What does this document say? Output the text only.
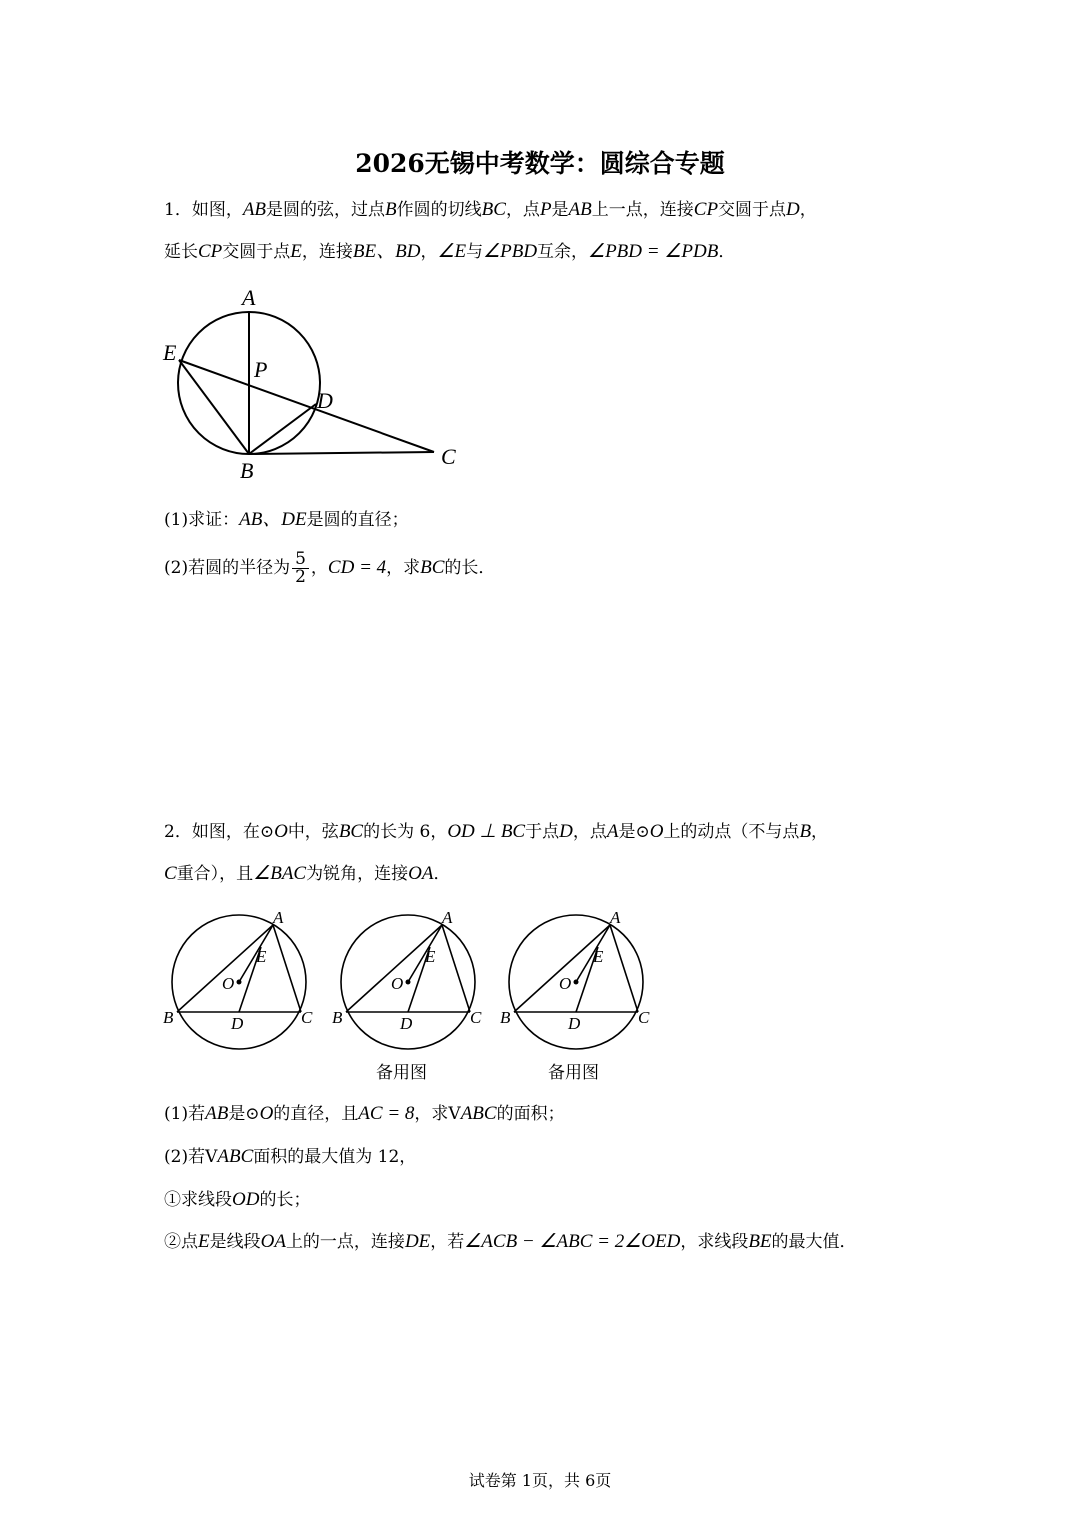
2026无锡中考数学：圆综合专题
1．如图，AB是圆的弦，过点B作圆的切线BC，点P是AB上一点，连接CP交圆于点D，
延长CP交圆于点E，连接BE、BD，∠E与∠PBD互余，∠PBD = ∠PDB．
A
E
P
D
B
C
(1)求证：AB、DE是圆的直径；
(2)若圆的半径为 $\frac{5}{2}$ ，CD = 4，求BC的长．
2．如图，在⊙O中，弦BC的长为 6，OD ⊥ BC于点D，点A是⊙O上的动点（不与点B，
C重合），且∠BAC为锐角，连接OA．
A
E
O
B	D	C
A
E
O
B	D	C
A
E
O
B	D	C
备用图	备用图
(1)若AB是⊙O的直径，且AC = 8，求VABC的面积；
(2)若VABC面积的最大值为 12，
①求线段OD的长；
②点E是线段OA上的一点，连接DE，若∠ACB − ∠ABC = 2∠OED，求线段BE的最大值．
试卷第 1页，共 6页
